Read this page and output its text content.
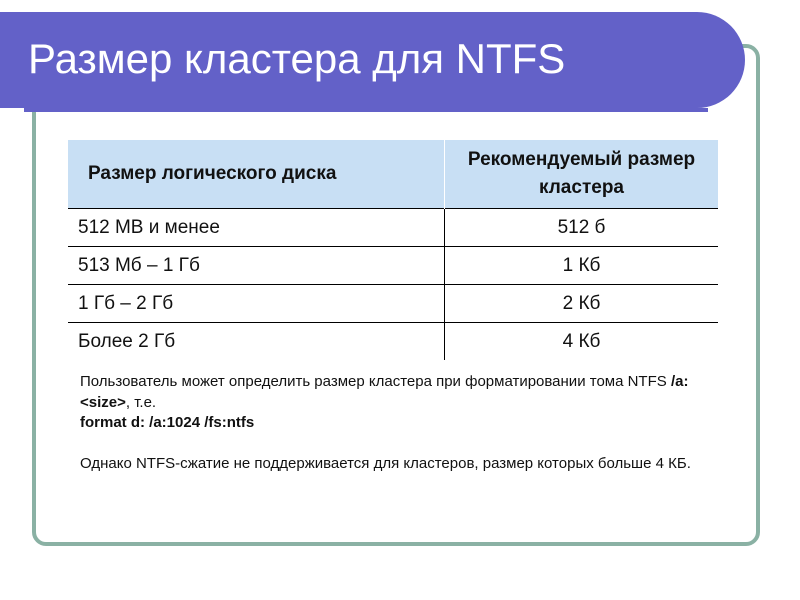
Размер кластера для NTFS
Размер логического диска	Рекомендуемый размер кластера
512 MB и менее	512 б
513 Мб – 1 Гб	1 Кб
1 Гб – 2 Гб	2 Кб
Более 2 Гб	4 Кб

Пользователь может определить размер кластера при форматировании тома NTFS /a:<size>, т.е.
format d: /a:1024 /fs:ntfs

Однако NTFS-сжатие не поддерживается для кластеров, размер которых больше 4 КБ.
